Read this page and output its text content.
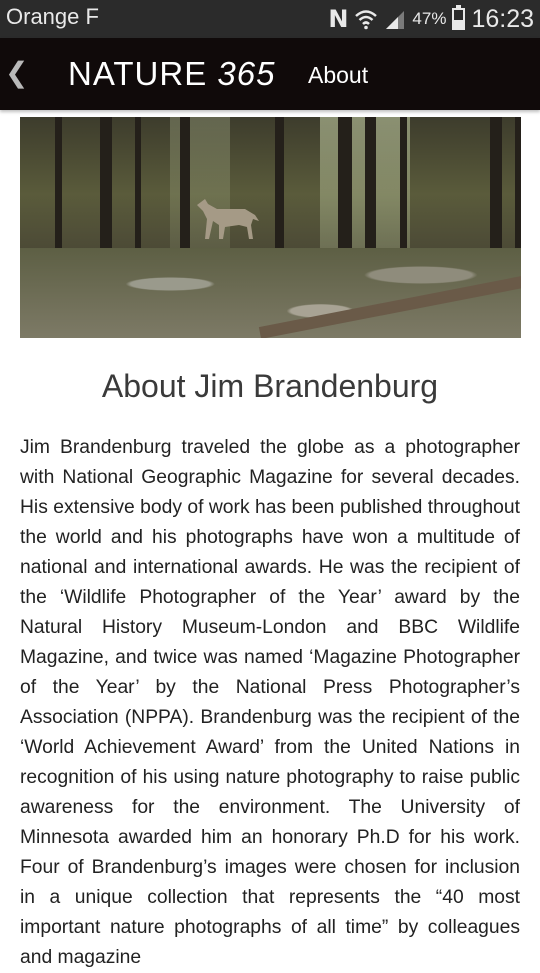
Orange F	N	47% 16:23
❮ NATURE 365 About
About Jim Brandenburg

Jim Brandenburg traveled the globe as a photographer with National Geographic Magazine for several decades. His extensive body of work has been published throughout the world and his photographs have won a multitude of national and international awards. He was the recipient of the ‘Wildlife Photographer of the Year’ award by the Natural History Museum-London and BBC Wildlife Magazine, and twice was named ‘Magazine Photographer of the Year’ by the National Press Photographer’s Association (NPPA). Brandenburg was the recipient of the ‘World Achievement Award’ from the United Nations in recognition of his using nature photography to raise public awareness for the environment. The University of Minnesota awarded him an honorary Ph.D for his work. Four of Brandenburg’s images were chosen for inclusion in a unique collection that represents the “40 most important nature photographs of all time” by colleagues and magazine
